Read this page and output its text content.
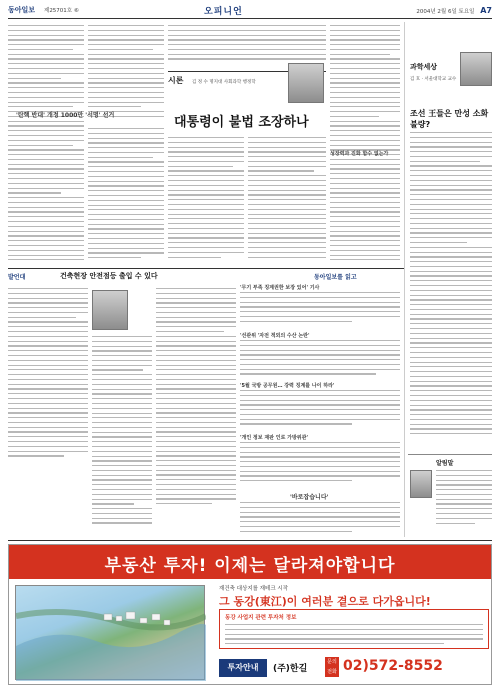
동아일보 제25701호 ⑥	오피니언	2004년 2월 6일 토요일 A7
'탄핵 반대' 개정 1000만 '서명' 선거
시론 김 정 수 명지대 사회과학 행정학
대통령이 불법 조장하나
성장력과 진화 함수 없는가
과학세상
김 호 · 서울대학교 교수
조선 王들은 만성 소화불량?
알림말
발언대	건축현장 안전점등 출입 수 있다	동아일보를 읽고
'무기 부족 징계권한 보장 있어' 기사
'선관위 '자전 적외의 수산 논란'
'5월 국방 공무원… 강력 징계를 나이 하라'
'개인 정보 재판 인로 가방위관'
'바로잡습니다'
부동산 투자! 이제는 달라져야합니다
재건축 대상지를 재테크 시작
그 동강(東江)이 여러분 곁으로 다가옵니다!
동강 사업지 관련 투자처 정보
투자안내	(주)한길
문의전화 02)572-8552
